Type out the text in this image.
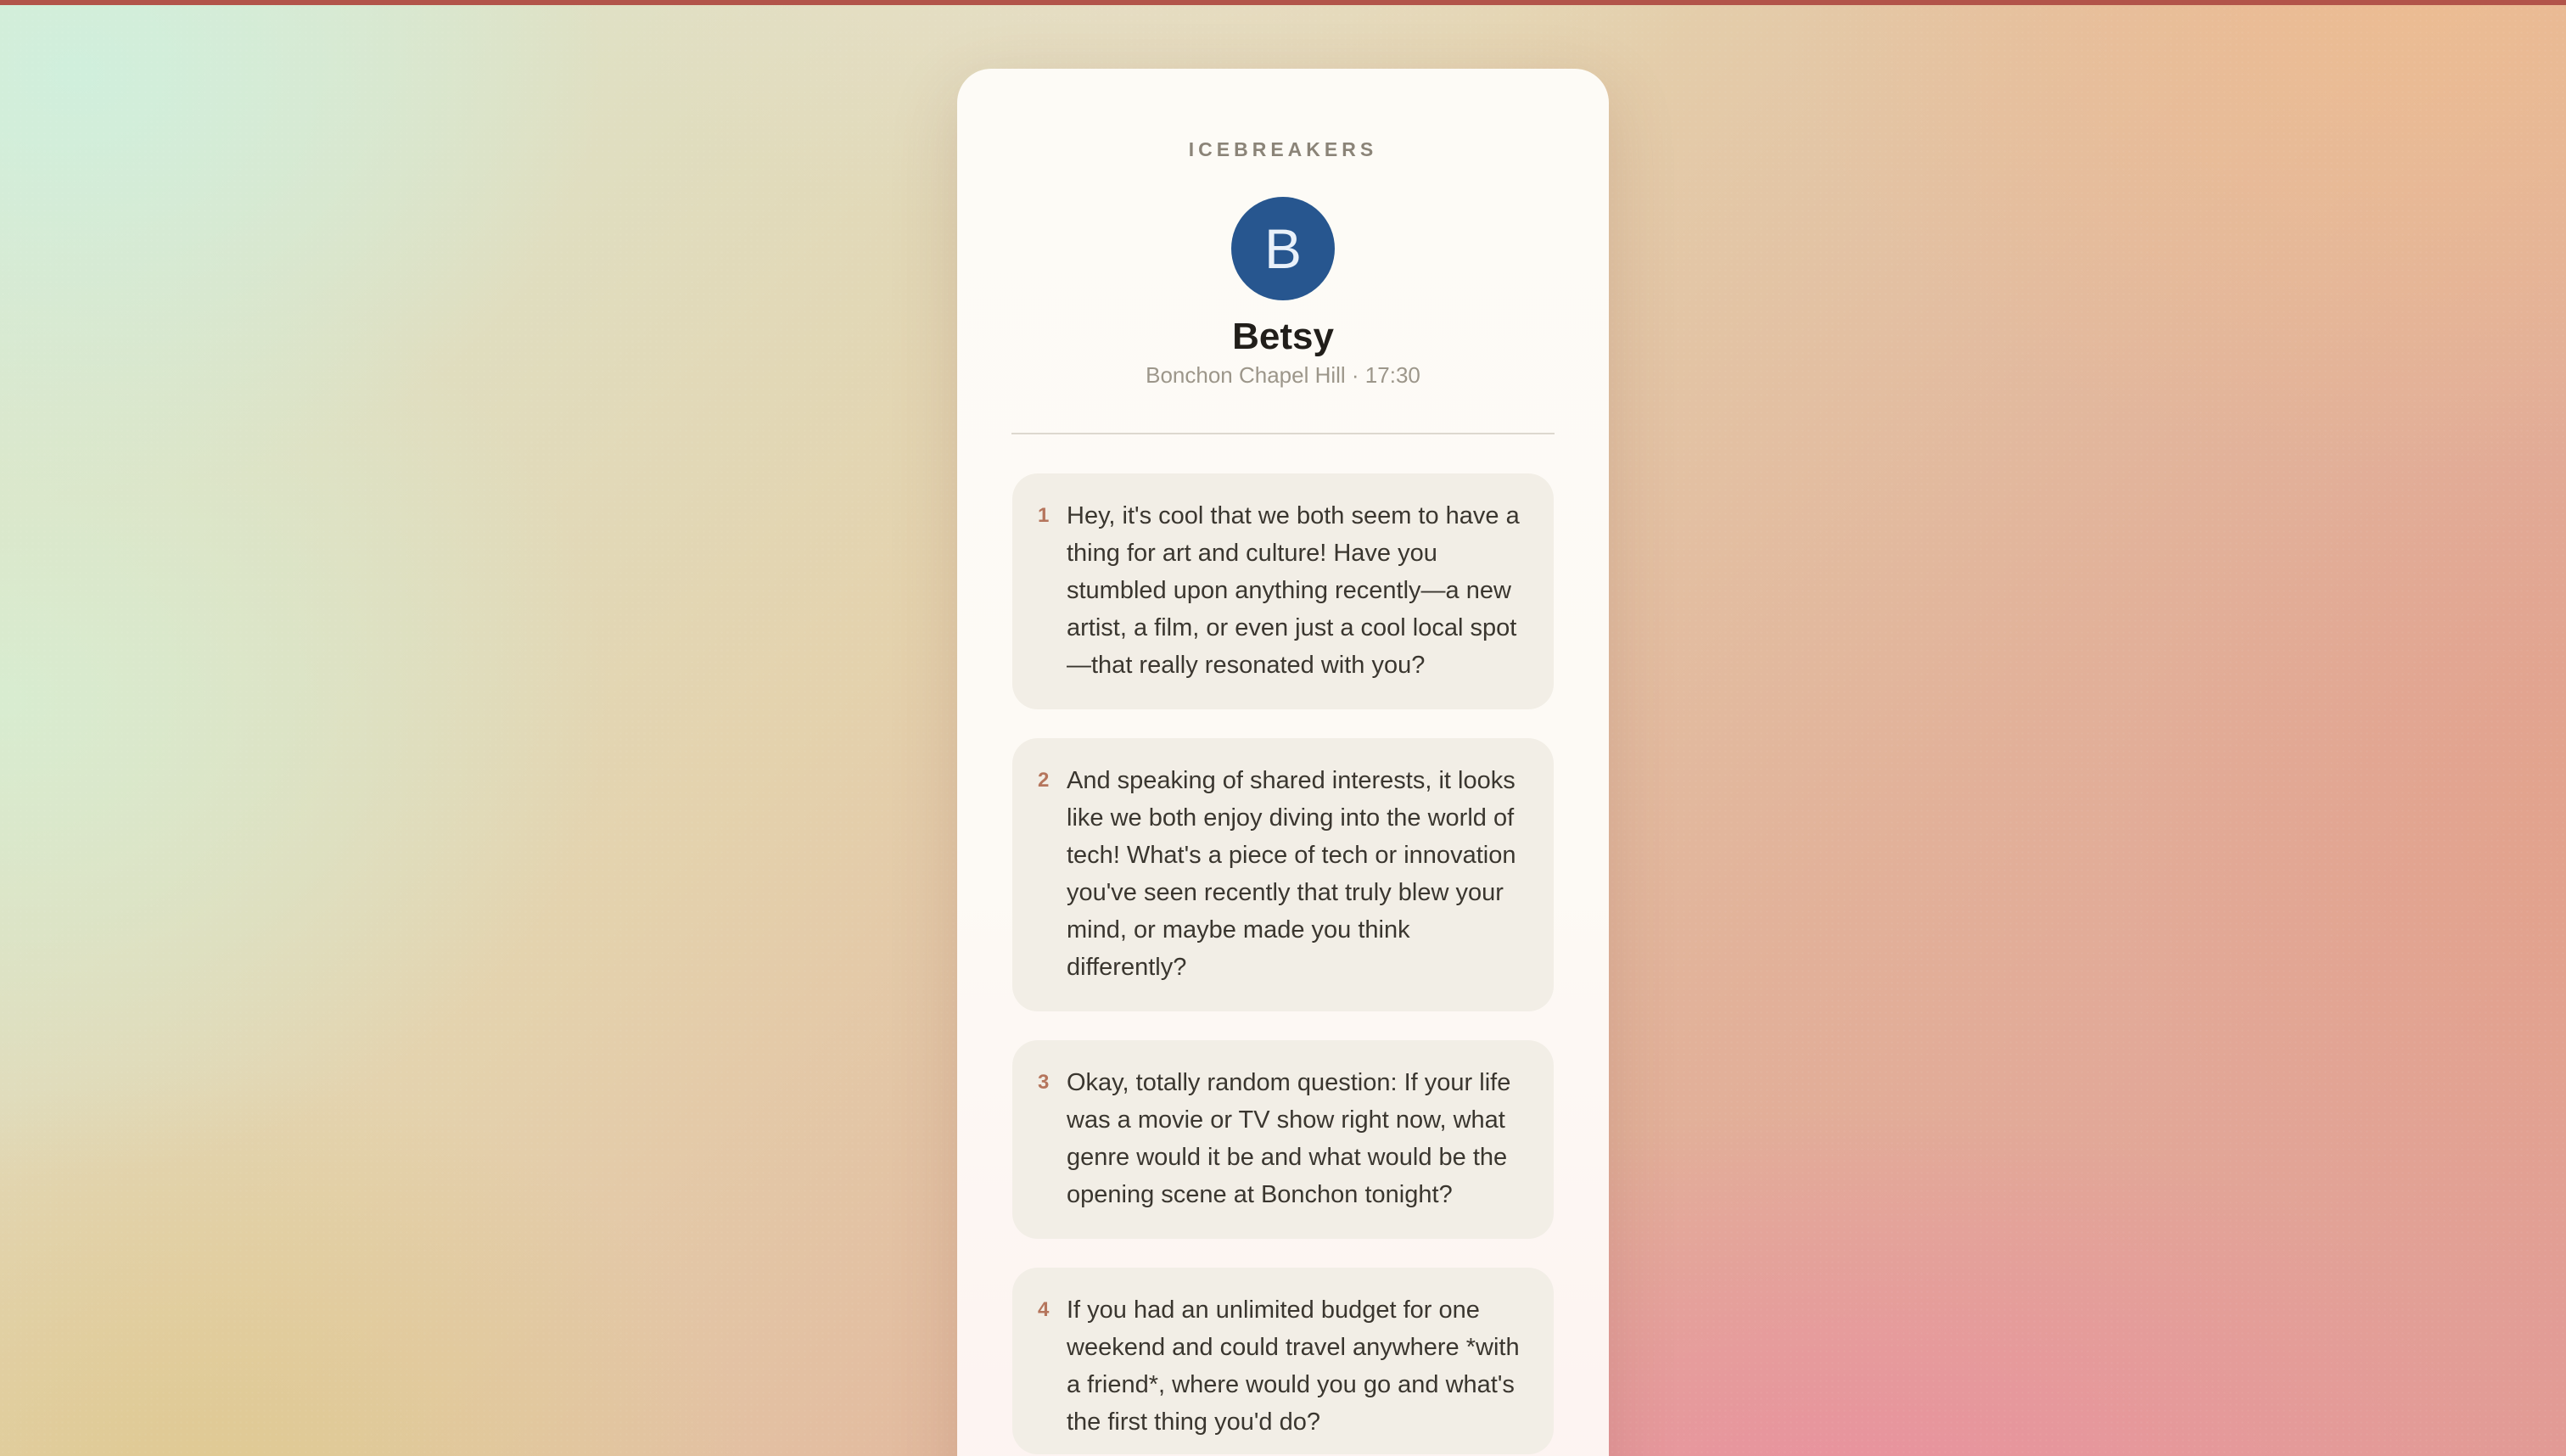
ICEBREAKERS
B
Betsy
Bonchon Chapel Hill · 17:30
1 Hey, it's cool that we both seem to have a thing for art and culture! Have you stumbled upon anything recently—a new artist, a film, or even just a cool local spot—that really resonated with you?
2 And speaking of shared interests, it looks like we both enjoy diving into the world of tech! What's a piece of tech or innovation you've seen recently that truly blew your mind, or maybe made you think differently?
3 Okay, totally random question: If your life was a movie or TV show right now, what genre would it be and what would be the opening scene at Bonchon tonight?
4 If you had an unlimited budget for one weekend and could travel anywhere *with a friend*, where would you go and what's the first thing you'd do?
